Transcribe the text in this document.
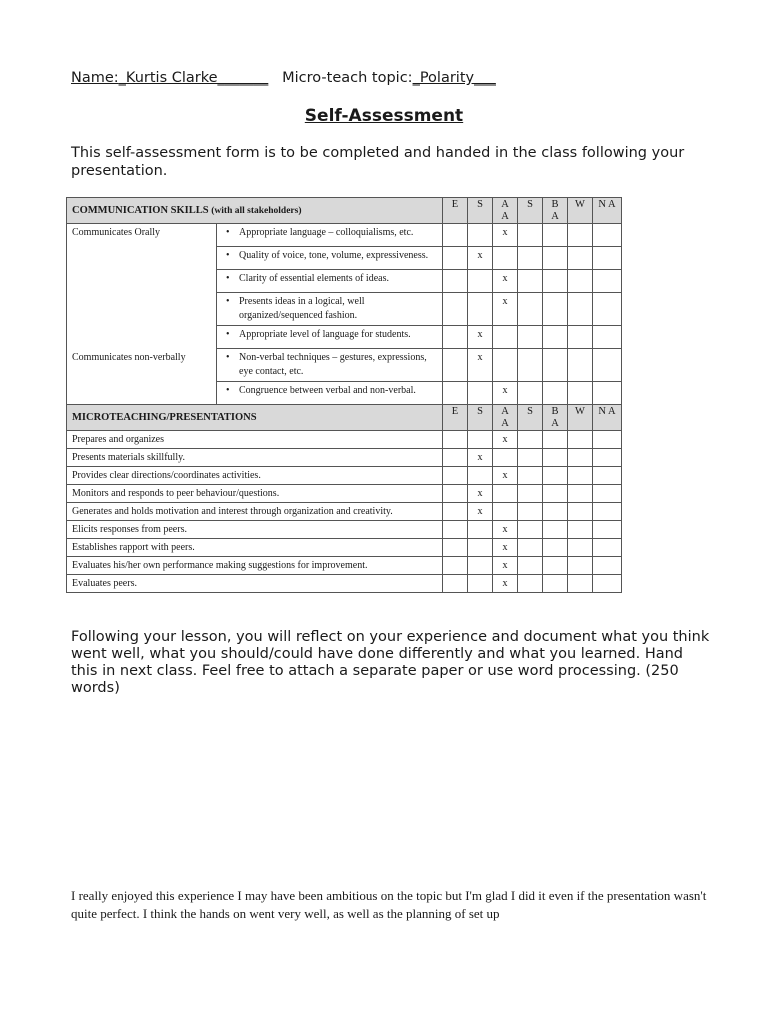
Name:_Kurtis Clarke_______ Micro-teach topic:_Polarity___
Self-Assessment
This self-assessment form is to be completed and handed in the class following your presentation.
COMMUNICATION SKILLS (with all stakeholders)		E	S	A A	S	B A	W	N A
Communicates Orally	• Appropriate language – colloquialisms, etc.			x				

	• Quality of voice, tone, volume, expressiveness.		x					

	• Clarity of essential elements of ideas.			x				

	• Presents ideas in a logical, well organized/sequenced fashion.			x				

	• Appropriate level of language for students.		x					
Communicates non-verbally	• Non-verbal techniques – gestures, expressions, eye contact, etc.		x					

	• Congruence between verbal and non-verbal.			x				
MICROTEACHING/PRESENTATIONS		E	S	A A	S	B A	W	N A
Prepares and organizes				x				
Presents materials skillfully.			x					
Provides clear directions/coordinates activities.				x				
Monitors and responds to peer behaviour/questions.			x					
Generates and holds motivation and interest through organization and creativity.			x					
Elicits responses from peers.				x				
Establishes rapport with peers.				x				
Evaluates his/her own performance making suggestions for improvement.				x				
Evaluates peers.				x				
Following your lesson, you will reflect on your experience and document what you think went well, what you should/could have done differently and what you learned. Hand this in next class. Feel free to attach a separate paper or use word processing. (250 words)
I really enjoyed this experience I may have been ambitious on the topic but I'm glad I did it even if the presentation wasn't quite perfect. I think the hands on went very well, as well as the planning of set up
